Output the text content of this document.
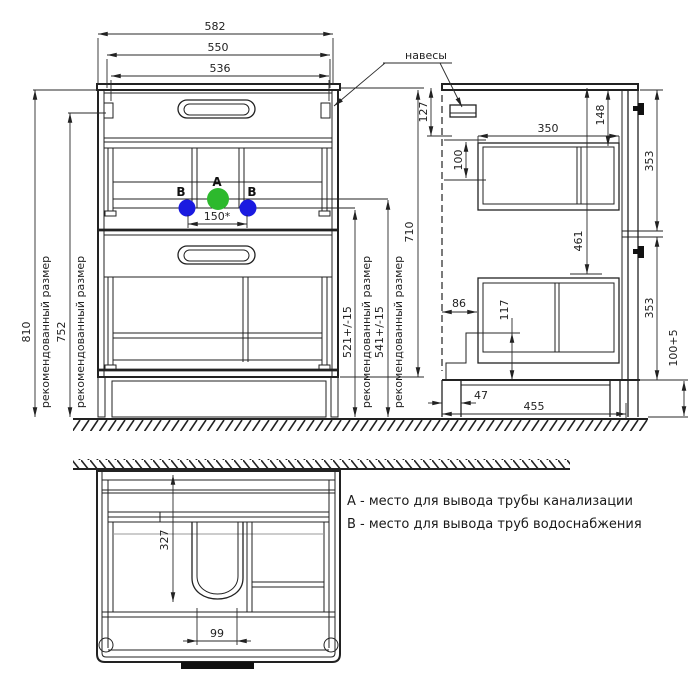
A
B	B
582
550
536
810 рекомендованный размер 752 рекомендованный размер	521+/-15 рекомендованный размер 541+/-15 рекомендованный размер
710
150*
навесы
127
100
350
148
353
353
461
86	117
100+5
47
455
327
99
А - место для вывода трубы канализации
В - место для вывода труб водоснабжения
